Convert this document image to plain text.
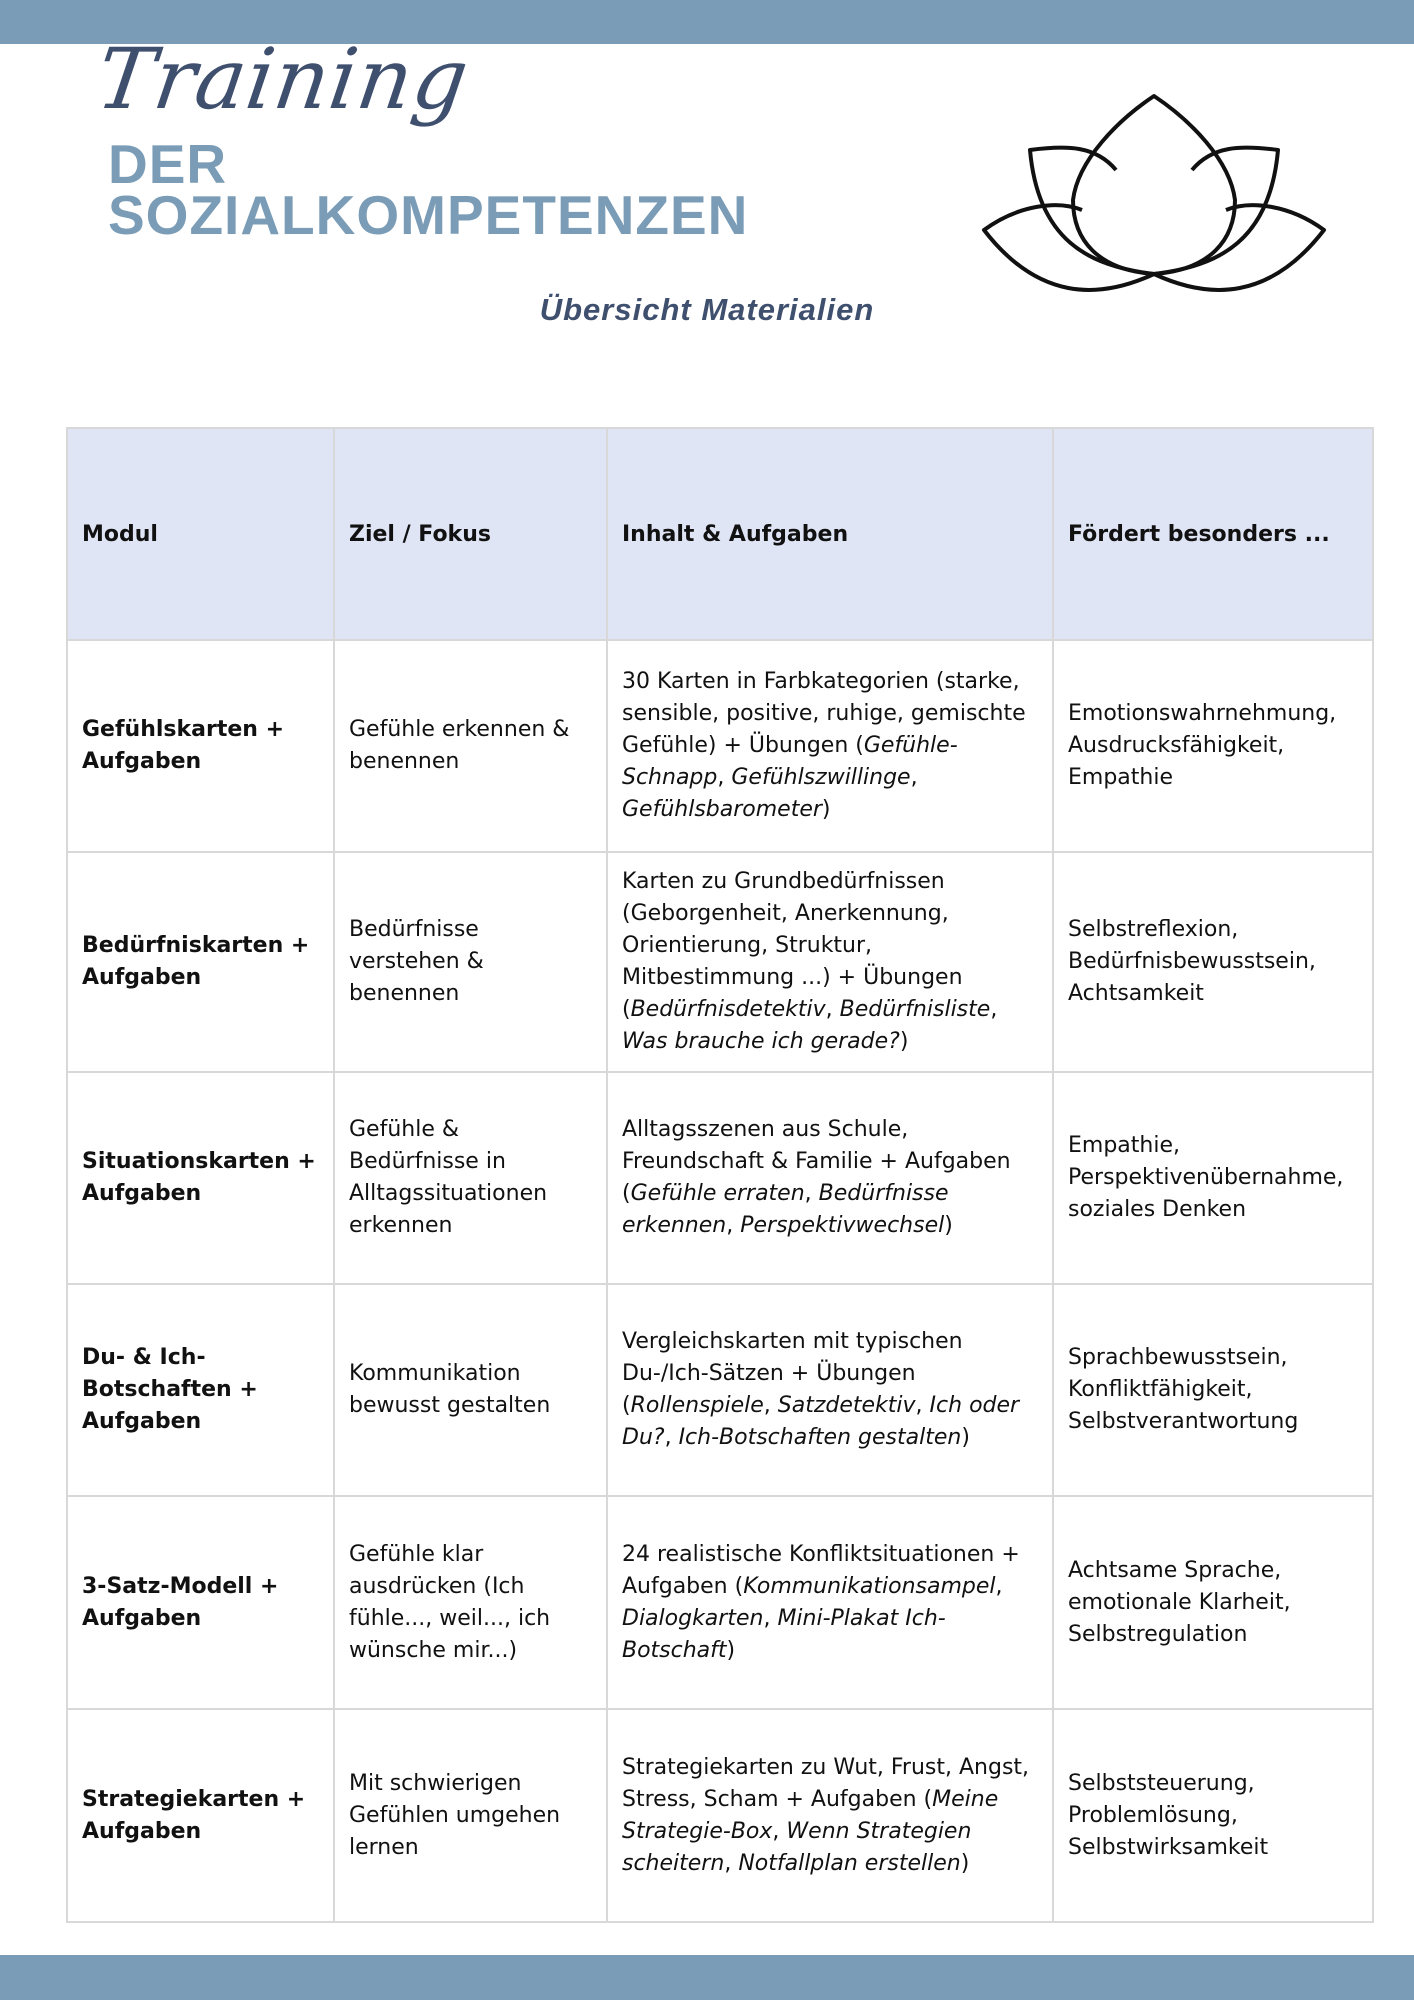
Training
DER
SOZIALKOMPETENZEN
Übersicht Materialien
Modul	Ziel / Fokus	Inhalt & Aufgaben	Fördert besonders ...
Gefühlskarten + Aufgaben	Gefühle erkennen & benennen	30 Karten in Farbkategorien (starke, sensible, positive, ruhige, gemischte Gefühle) + Übungen (Gefühle-Schnapp, Gefühlszwillinge, Gefühlsbarometer)	Emotionswahrnehmung, Ausdrucksfähigkeit, Empathie
Bedürfniskarten + Aufgaben	Bedürfnisse verstehen & benennen	Karten zu Grundbedürfnissen (Geborgenheit, Anerkennung, Orientierung, Struktur, Mitbestimmung ...) + Übungen (Bedürfnisdetektiv, Bedürfnisliste, Was brauche ich gerade?)	Selbstreflexion, Bedürfnisbewusstsein, Achtsamkeit
Situationskarten + Aufgaben	Gefühle & Bedürfnisse in Alltagssituationen erkennen	Alltagsszenen aus Schule, Freundschaft & Familie + Aufgaben (Gefühle erraten, Bedürfnisse erkennen, Perspektivwechsel)	Empathie, Perspektivenübernahme, soziales Denken
Du- & Ich-Botschaften + Aufgaben	Kommunikation bewusst gestalten	Vergleichskarten mit typischen Du-/Ich-Sätzen + Übungen (Rollenspiele, Satzdetektiv, Ich oder Du?, Ich-Botschaften gestalten)	Sprachbewusstsein, Konfliktfähigkeit, Selbstverantwortung
3-Satz-Modell + Aufgaben	Gefühle klar ausdrücken (Ich fühle..., weil..., ich wünsche mir...)	24 realistische Konfliktsituationen + Aufgaben (Kommunikationsampel, Dialogkarten, Mini-Plakat Ich-Botschaft)	Achtsame Sprache, emotionale Klarheit, Selbstregulation
Strategiekarten + Aufgaben	Mit schwierigen Gefühlen umgehen lernen	Strategiekarten zu Wut, Frust, Angst, Stress, Scham + Aufgaben (Meine Strategie-Box, Wenn Strategien scheitern, Notfallplan erstellen)	Selbststeuerung, Problemlösung, Selbstwirksamkeit
